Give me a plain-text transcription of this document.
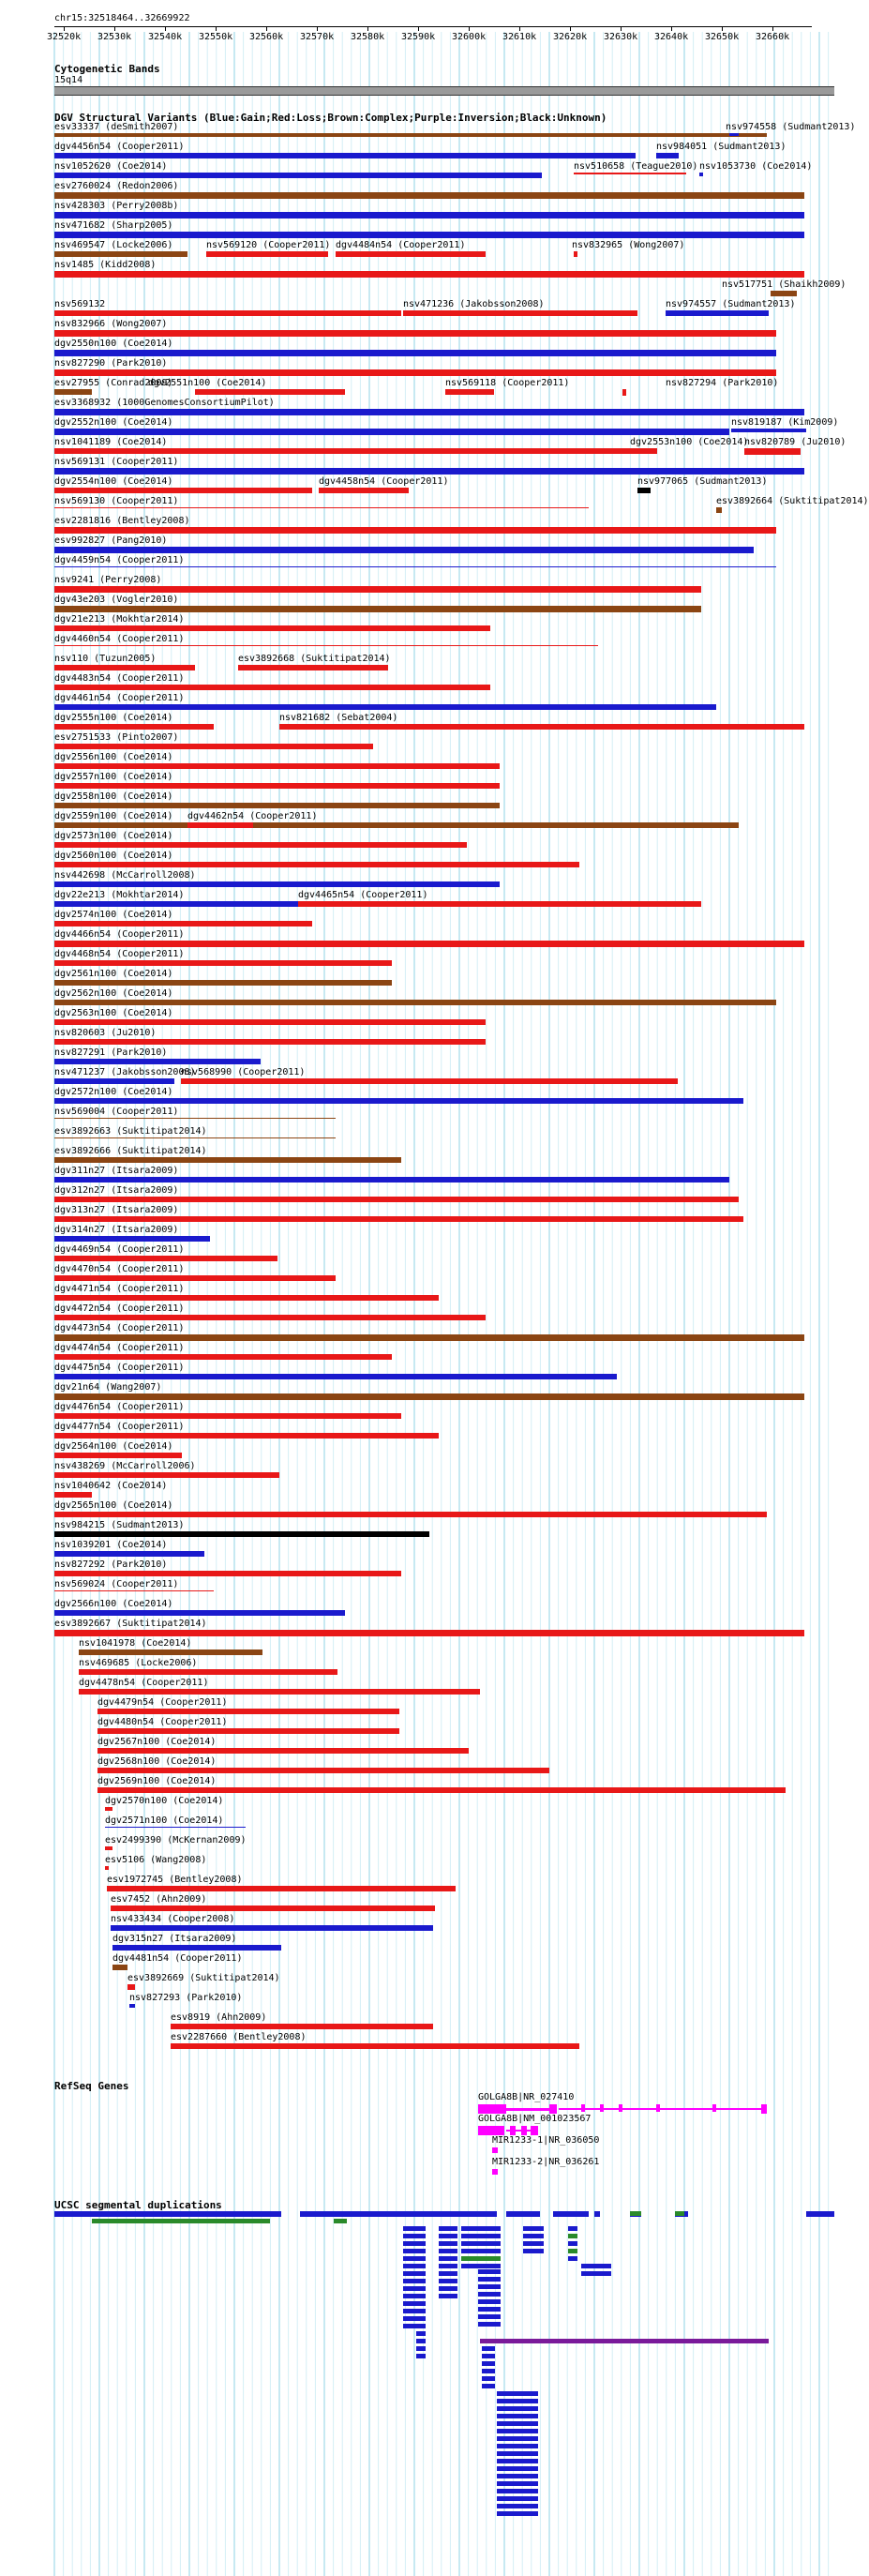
chr15:32518464..32669922
32520k 32530k 32540k 32550k 32560k 32570k 32580k 32590k 32600k 32610k 32620k 32630k 32640k 32650k 32660k
Cytogenetic Bands
15q14
DGV Structural Variants (Blue:Gain;Red:Loss;Brown:Complex;Purple:Inversion;Black:Unknown)
esv33337 (deSmith2007)	nsv974558 (Sudmant2013)
dgv4456n54 (Cooper2011)	nsv984051 (Sudmant2013)
nsv1052620 (Coe2014)	nsv510658 (Teague2010) nsv1053730 (Coe2014)
esv2760024 (Redon2006)
nsv428303 (Perry2008b)
nsv471682 (Sharp2005)
nsv469547 (Locke2006)	nsv569120 (Cooper2011) dgv4484n54 (Cooper2011)	nsv832965 (Wong2007)
nsv1485 (Kidd2008)
nsv517751 (Shaikh2009)
nsv569132	nsv471236 (Jakobsson2008)	nsv974557 (Sudmant2013)
nsv832966 (Wong2007)
dgv2550n100 (Coe2014)
nsv827290 (Park2010)
esv27955 (Conrad2009)
dgv2551n100 (Coe2014)	nsv569118 (Cooper2011)	nsv827294 (Park2010)
esv3368932 (1000GenomesConsortiumPilot)
dgv2552n100 (Coe2014)	nsv819187 (Kim2009)
nsv1041189 (Coe2014)	dgv2553n100 (Coe2014)
nsv820789 (Ju2010)
nsv569131 (Cooper2011)
dgv2554n100 (Coe2014)	dgv4458n54 (Cooper2011)	nsv977065 (Sudmant2013)
nsv569130 (Cooper2011)	esv3892664 (Suktitipat2014)
esv2281816 (Bentley2008)
esv992827 (Pang2010)
dgv4459n54 (Cooper2011)
nsv9241 (Perry2008)
dgv43e203 (Vogler2010)
dgv21e213 (Mokhtar2014)
dgv4460n54 (Cooper2011)
nsv110 (Tuzun2005)	esv3892668 (Suktitipat2014)
dgv4483n54 (Cooper2011)
dgv4461n54 (Cooper2011)
nsv821682 (Sebat2004)
dgv2555n100 (Coe2014)
esv2751533 (Pinto2007)
dgv2556n100 (Coe2014)
dgv2557n100 (Coe2014)
dgv2558n100 (Coe2014)
dgv2559n100 (Coe2014) dgv4462n54 (Cooper2011)
dgv2573n100 (Coe2014)
dgv2560n100 (Coe2014)
nsv442698 (McCarroll2008)
dgv22e213 (Mokhtar2014)	dgv4465n54 (Cooper2011)
dgv2574n100 (Coe2014)
dgv4466n54 (Cooper2011)
dgv4468n54 (Cooper2011)
dgv2561n100 (Coe2014)
dgv2562n100 (Coe2014)
dgv2563n100 (Coe2014)
nsv820603 (Ju2010)
nsv827291 (Park2010)
nsv471237 (Jakobsson2008)
nsv568990 (Cooper2011)
dgv2572n100 (Coe2014)
nsv569004 (Cooper2011)
esv3892663 (Suktitipat2014)
esv3892666 (Suktitipat2014)
dgv311n27 (Itsara2009)
dgv312n27 (Itsara2009)
dgv313n27 (Itsara2009)
dgv314n27 (Itsara2009)
dgv4469n54 (Cooper2011)
dgv4470n54 (Cooper2011)
dgv4471n54 (Cooper2011)
dgv4472n54 (Cooper2011)
dgv4473n54 (Cooper2011)
dgv4474n54 (Cooper2011)
dgv4475n54 (Cooper2011)
dgv21n64 (Wang2007)
dgv4476n54 (Cooper2011)
dgv4477n54 (Cooper2011)
dgv2564n100 (Coe2014)
nsv438269 (McCarroll2006)
nsv1040642 (Coe2014)
dgv2565n100 (Coe2014)
nsv984215 (Sudmant2013)
nsv1039201 (Coe2014)
nsv827292 (Park2010)
nsv569024 (Cooper2011)
dgv2566n100 (Coe2014)
esv3892667 (Suktitipat2014)
nsv1041978 (Coe2014)
nsv469685 (Locke2006)
dgv4478n54 (Cooper2011)
dgv4479n54 (Cooper2011)
dgv4480n54 (Cooper2011)
dgv2567n100 (Coe2014)
dgv2568n100 (Coe2014)
dgv2569n100 (Coe2014)
dgv2570n100 (Coe2014)
dgv2571n100 (Coe2014)
esv2499390 (McKernan2009)
esv5106 (Wang2008)
esv1972745 (Bentley2008)
esv7452 (Ahn2009)
nsv433434 (Cooper2008)
dgv315n27 (Itsara2009)
dgv4481n54 (Cooper2011)
esv3892669 (Suktitipat2014)
nsv827293 (Park2010)
esv8919 (Ahn2009)
esv2287660 (Bentley2008)
RefSeq Genes
GOLGA8B|NR_027410
GOLGA8B|NM_001023567
MIR1233-1|NR_036050
MIR1233-2|NR_036261
UCSC segmental duplications
